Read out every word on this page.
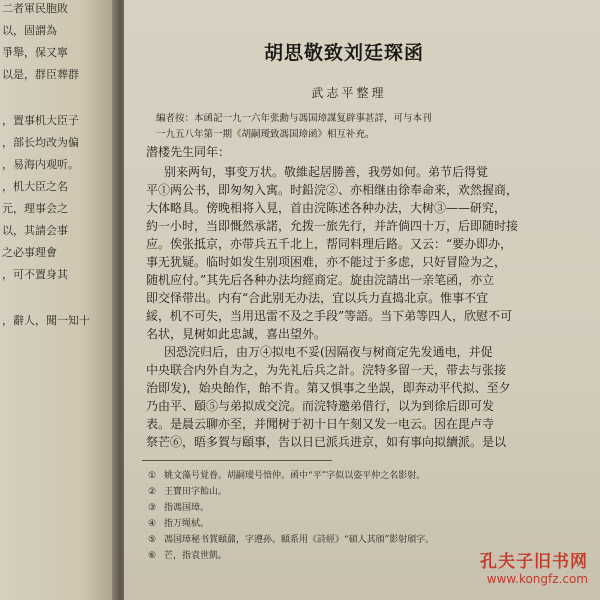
二者軍民胞敗
以，固謂為
爭舉，保又寧
以是，群臣葬群
，置事机大臣子
，部长均改为偏
，易海内观听。
，机大臣之名
元，理事会之
以，其請会事
之必事理會
，可不置身其
，辭人，聞一知十
胡思敬致刘廷琛函
武志平整理
編者按：本函記一九一六年张勳与馮国璋謀复辟事甚詳，可与本刊
一九五八年第一期《胡嗣璦致馮国璋函》相互补充。
潜楼先生同年：
别来两旬，事变万状。敬維起居勝善，我勞如何。弟节后得覚
平①两公书，即匆匆入寓。时鉛浣②、亦相继由徐奉命来，欢然握商，
大体略具。傍晚相将入見，首由浣陈述各种办法，大树③——研究，
約一小时，当即慨然承諾，允拨一旅先行，并許倘四十万，后即随时接
应。俟张抵京，亦带兵五千北上，帮同料理后路。又云：“要办即办，
事无犹疑。临时如发生别项困难，亦不能过于多虑，只好冒险为之，
随机应付。”其先后各种办法均經商定。旋由浣請出一亲笔函，亦立
即交怿带出。内有“合此别无办法，宜以兵力直捣北京。惟事不宜
綏，机不可失，当用迅雷不及之手段”等語。当下弟等四人，欣慰不可
名状，見树如此忠誠，喜出望外。
因恐浣归后，由万④拟电不妥(因隔夜与树商定先发通电，并促
中央联合内外自为之，为先礼后兵之計。浣特多留一天，带去与张接
治即发)，始央飴作，飴不肯。第又惧事之坐誤，即奔动平代拟、至夕
乃由平、頤⑤与弟拟成交浣。而浣特邀弟借行，以为到徐后即可发
表。是晨云聊亦至，并聞树于初十日午刻又发一电云。因在毘卢寺
祭芒⑥，晤多賀与頤事，告以日已派兵进京，如有事向拟續派。是以
① 姚文藻号覚眷。胡嗣璦号愔仲。函中“平”字似以姿平仲之名影射。
② 王寶田字飴山。
③ 指馮国璋。
④ 指万绳栻。
⑤ 馮国璋秘书賀頤鼐，字遵孙。頤系用《詩經》“碩人其頎”影射頎字。
⑥ 芒，指袁世凱。	孔夫子旧书网
www.kongfz.com
